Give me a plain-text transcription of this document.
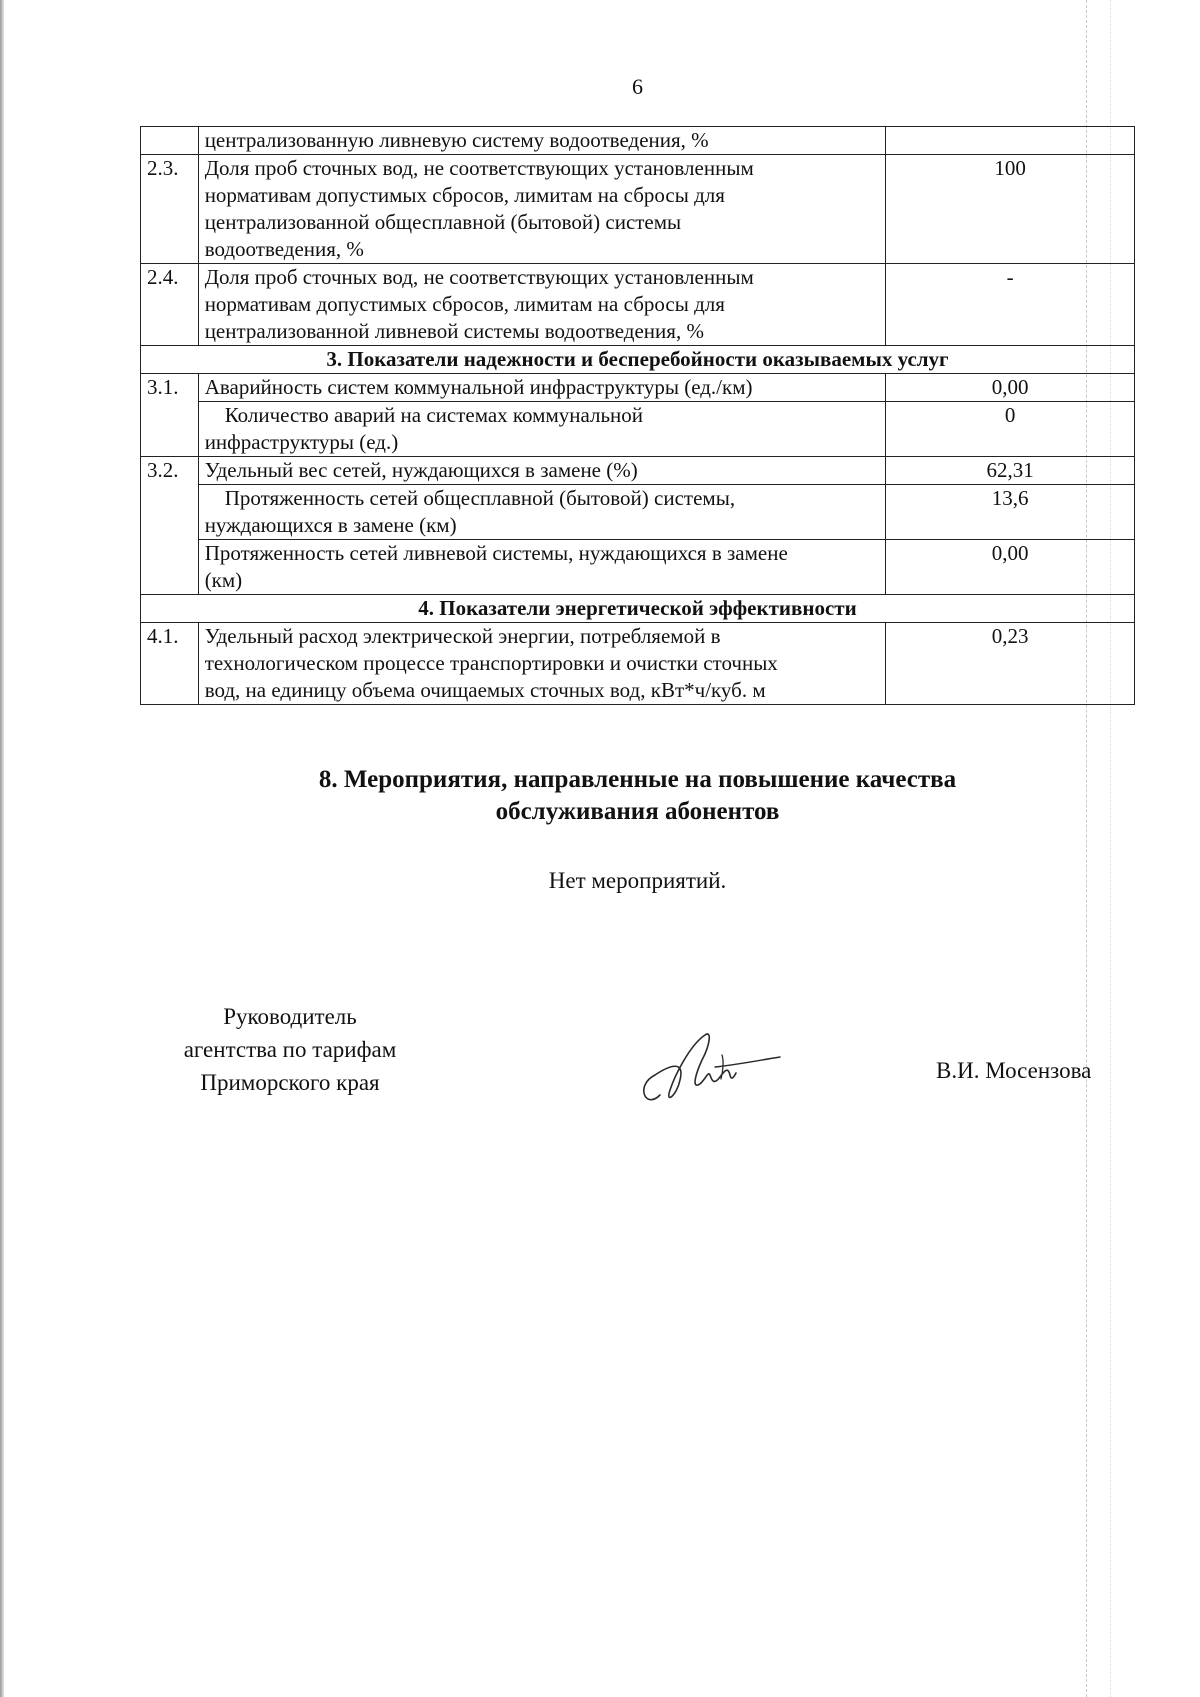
6

	централизованную ливневую систему водоотведения, %	

2.3.	Доля проб сточных вод, не соответствующих установленным
нормативам допустимых сбросов, лимитам на сбросы для
централизованной общесплавной (бытовой) системы
водоотведения, %	100
2.4.	Доля проб сточных вод, не соответствующих установленным
нормативам допустимых сбросов, лимитам на сбросы для
централизованной ливневой системы водоотведения, %	-
3. Показатели надежности и бесперебойности оказываемых услуг		
3.1.	Аварийность систем коммунальной инфраструктуры (ед./км)	0,00
	Количество аварий на системах коммунальной
инфраструктуры (ед.)	0
3.2.	Удельный вес сетей, нуждающихся в замене (%)	62,31
	Протяженность сетей общесплавной (бытовой) системы,
нуждающихся в замене (км)	13,6

	Протяженность сетей ливневой системы, нуждающихся в замене
(км)	0,00
4. Показатели энергетической эффективности		
4.1.	Удельный расход электрической энергии, потребляемой в
технологическом процессе транспортировки и очистки сточных
вод, на единицу объема очищаемых сточных вод, кВт*ч/куб. м	0,23
8. Мероприятия, направленные на повышение качества
обслуживания абонентов
Нет мероприятий.
Руководитель
агентства по тарифам
Приморского края	В.И. Мосензова
